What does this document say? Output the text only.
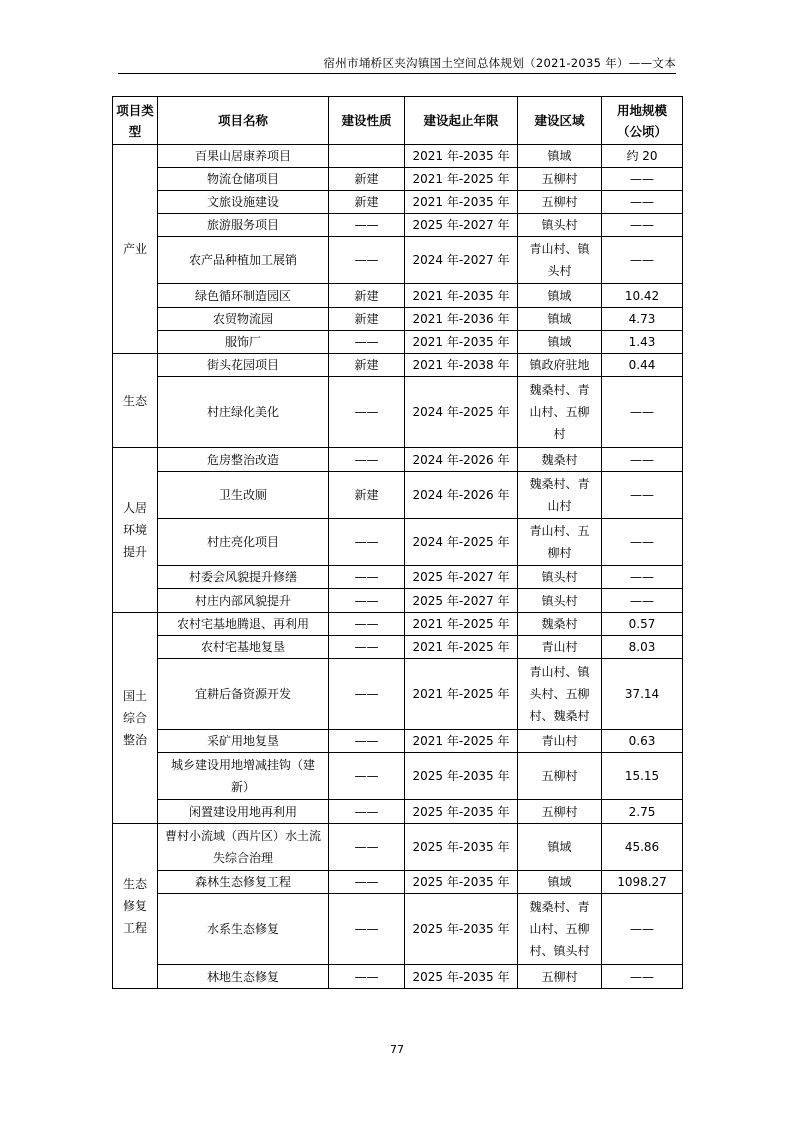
宿州市埇桥区夹沟镇国土空间总体规划（2021-2035 年）——文本
项目类型	项目名称	建设性质	建设起止年限	建设区域	用地规模（公顷）
产业	百果山居康养项目		2021 年-2035 年	镇域	约 20
	物流仓储项目	新建	2021 年-2025 年	五柳村	——
	文旅设施建设	新建	2021 年-2035 年	五柳村	——
	旅游服务项目	——	2025 年-2027 年	镇头村	——
	农产品种植加工展销	——	2024 年-2027 年	青山村、镇头村	——
	绿色循环制造园区	新建	2021 年-2035 年	镇域	10.42
	农贸物流园	新建	2021 年-2036 年	镇域	4.73
	服饰厂	——	2021 年-2035 年	镇域	1.43
生态	街头花园项目	新建	2021 年-2038 年	镇政府驻地	0.44
	村庄绿化美化	——	2024 年-2025 年	魏桑村、青山村、五柳村	——
人居环境提升	危房整治改造	——	2024 年-2026 年	魏桑村	——
	卫生改厕	新建	2024 年-2026 年	魏桑村、青山村	——
	村庄亮化项目	——	2024 年-2025 年	青山村、五柳村	——
	村委会风貌提升修缮	——	2025 年-2027 年	镇头村	——
	村庄内部风貌提升	——	2025 年-2027 年	镇头村	——
国土综合整治	农村宅基地腾退、再利用	——	2021 年-2025 年	魏桑村	0.57
	农村宅基地复垦	——	2021 年-2025 年	青山村	8.03
	宜耕后备资源开发	——	2021 年-2025 年	青山村、镇头村、五柳村、魏桑村	37.14
	采矿用地复垦	——	2021 年-2025 年	青山村	0.63
	城乡建设用地增减挂钩（建新）	——	2025 年-2035 年	五柳村	15.15
	闲置建设用地再利用	——	2025 年-2035 年	五柳村	2.75
生态修复工程	曹村小流域（西片区）水土流失综合治理	——	2025 年-2035 年	镇域	45.86
	森林生态修复工程	——	2025 年-2035 年	镇域	1098.27
	水系生态修复	——	2025 年-2035 年	魏桑村、青山村、五柳村、镇头村	——
	林地生态修复	——	2025 年-2035 年	五柳村	——
77
